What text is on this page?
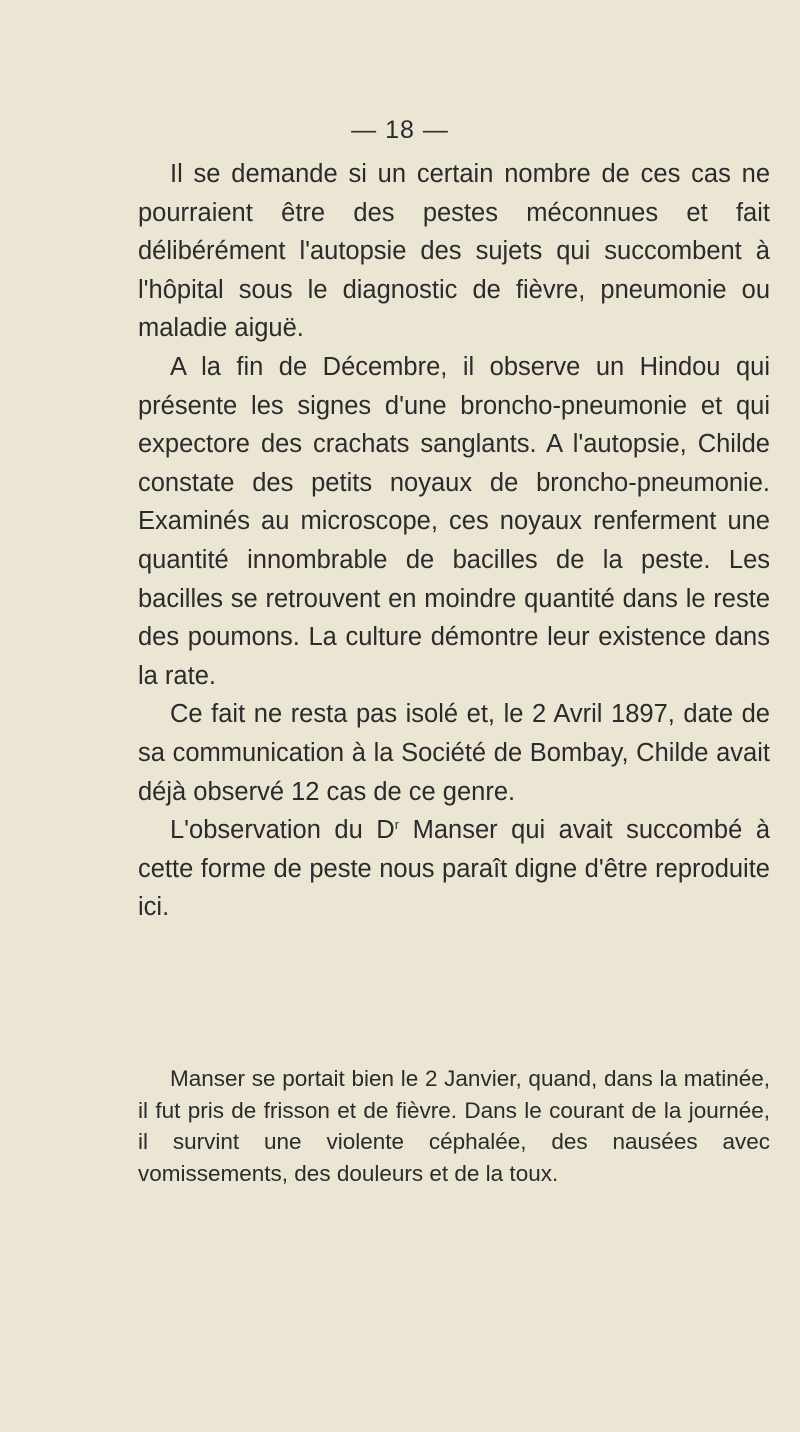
— 18 —

Il se demande si un certain nombre de ces cas ne pourraient être des pestes méconnues et fait délibérément l'autopsie des sujets qui succombent à l'hôpital sous le diagnostic de fièvre, pneumonie ou maladie aiguë.

A la fin de Décembre, il observe un Hindou qui présente les signes d'une broncho-pneumonie et qui expectore des crachats sanglants. A l'autopsie, Childe constate des petits noyaux de broncho-pneumonie. Examinés au microscope, ces noyaux renferment une quantité innombrable de bacilles de la peste. Les bacilles se retrouvent en moindre quantité dans le reste des poumons. La culture démontre leur existence dans la rate.

Ce fait ne resta pas isolé et, le 2 Avril 1897, date de sa communication à la Société de Bombay, Childe avait déjà observé 12 cas de ce genre.

L'observation du $D^r$ Manser qui avait succombé à cette forme de peste nous paraît digne d'être reproduite ici.

Manser se portait bien le 2 Janvier, quand, dans la matinée, il fut pris de frisson et de fièvre. Dans le courant de la journée, il survint une violente céphalée, des nausées avec vomissements, des douleurs et de la toux.
